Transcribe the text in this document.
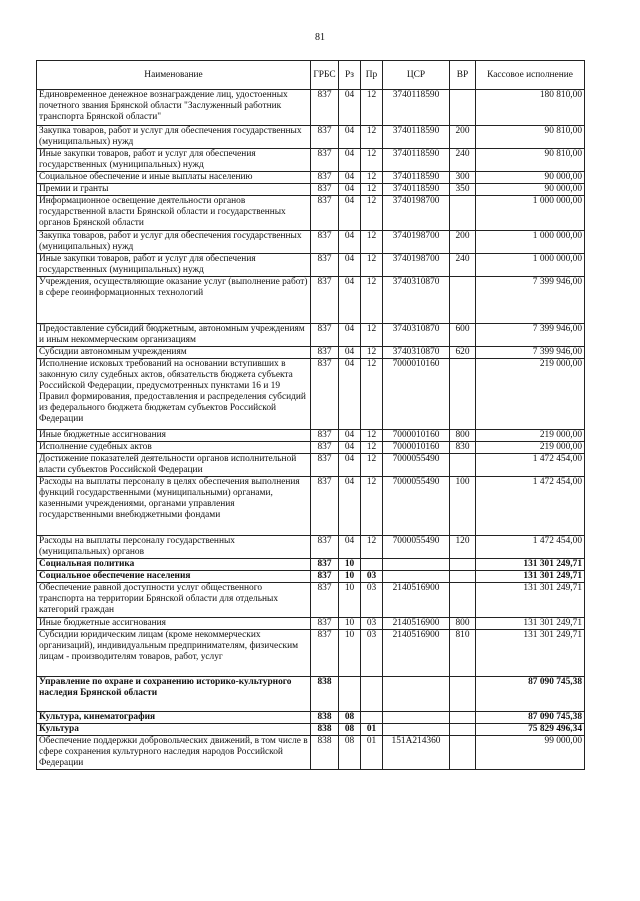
81
Наименование	ГРБС	Рз	Пр	ЦСР	ВР	Кассовое исполнение
Единовременное денежное вознаграждение лиц, удостоенных почетного звания Брянской области "Заслуженный работник транспорта Брянской области"	837	04	12	3740118590		180 810,00
Закупка товаров, работ и услуг для обеспечения государственных (муниципальных) нужд	837	04	12	3740118590	200	90 810,00
Иные закупки товаров, работ и услуг для обеспечения государственных (муниципальных) нужд	837	04	12	3740118590	240	90 810,00
Социальное обеспечение и иные выплаты населению	837	04	12	3740118590	300	90 000,00
Премии и гранты	837	04	12	3740118590	350	90 000,00
Информационное освещение деятельности органов государственной власти Брянской области и государственных органов Брянской области	837	04	12	3740198700		1 000 000,00
Закупка товаров, работ и услуг для обеспечения государственных (муниципальных) нужд	837	04	12	3740198700	200	1 000 000,00
Иные закупки товаров, работ и услуг для обеспечения государственных (муниципальных) нужд	837	04	12	3740198700	240	1 000 000,00
Учреждения, осуществляющие оказание услуг (выполнение работ) в сфере геоинформационных технологий	837	04	12	3740310870		7 399 946,00
Предоставление субсидий бюджетным, автономным учреждениям и иным некоммерческим организациям	837	04	12	3740310870	600	7 399 946,00
Субсидии автономным учреждениям	837	04	12	3740310870	620	7 399 946,00
Исполнение исковых требований на основании вступивших в законную силу судебных актов, обязательств бюджета субъекта Российской Федерации, предусмотренных пунктами 16 и 19 Правил формирования, предоставления и распределения субсидий из федерального бюджета бюджетам субъектов Российской Федерации	837	04	12	7000010160		219 000,00
Иные бюджетные ассигнования	837	04	12	7000010160	800	219 000,00
Исполнение судебных актов	837	04	12	7000010160	830	219 000,00
Достижение показателей деятельности органов исполнительной власти субъектов Российской Федерации	837	04	12	7000055490		1 472 454,00
Расходы на выплаты персоналу в целях обеспечения выполнения функций государственными (муниципальными) органами, казенными учреждениями, органами управления государственными внебюджетными фондами	837	04	12	7000055490	100	1 472 454,00
Расходы на выплаты персоналу государственных (муниципальных) органов	837	04	12	7000055490	120	1 472 454,00
Социальная политика	837	10				131 301 249,71
Социальное обеспечение населения	837	10	03			131 301 249,71
Обеспечение равной доступности услуг общественного транспорта на территории Брянской области для отдельных категорий граждан	837	10	03	2140516900		131 301 249,71
Иные бюджетные ассигнования	837	10	03	2140516900	800	131 301 249,71
Субсидии юридическим лицам (кроме некоммерческих организаций), индивидуальным предпринимателям, физическим лицам - производителям товаров, работ, услуг	837	10	03	2140516900	810	131 301 249,71
Управление по охране и сохранению историко-культурного наследия Брянской области	838					87 090 745,38
Культура, кинематография	838	08				87 090 745,38
Культура	838	08	01			75 829 496,34
Обеспечение поддержки добровольческих движений, в том числе в сфере сохранения культурного наследия народов Российской Федерации	838	08	01	151A214360		99 000,00
